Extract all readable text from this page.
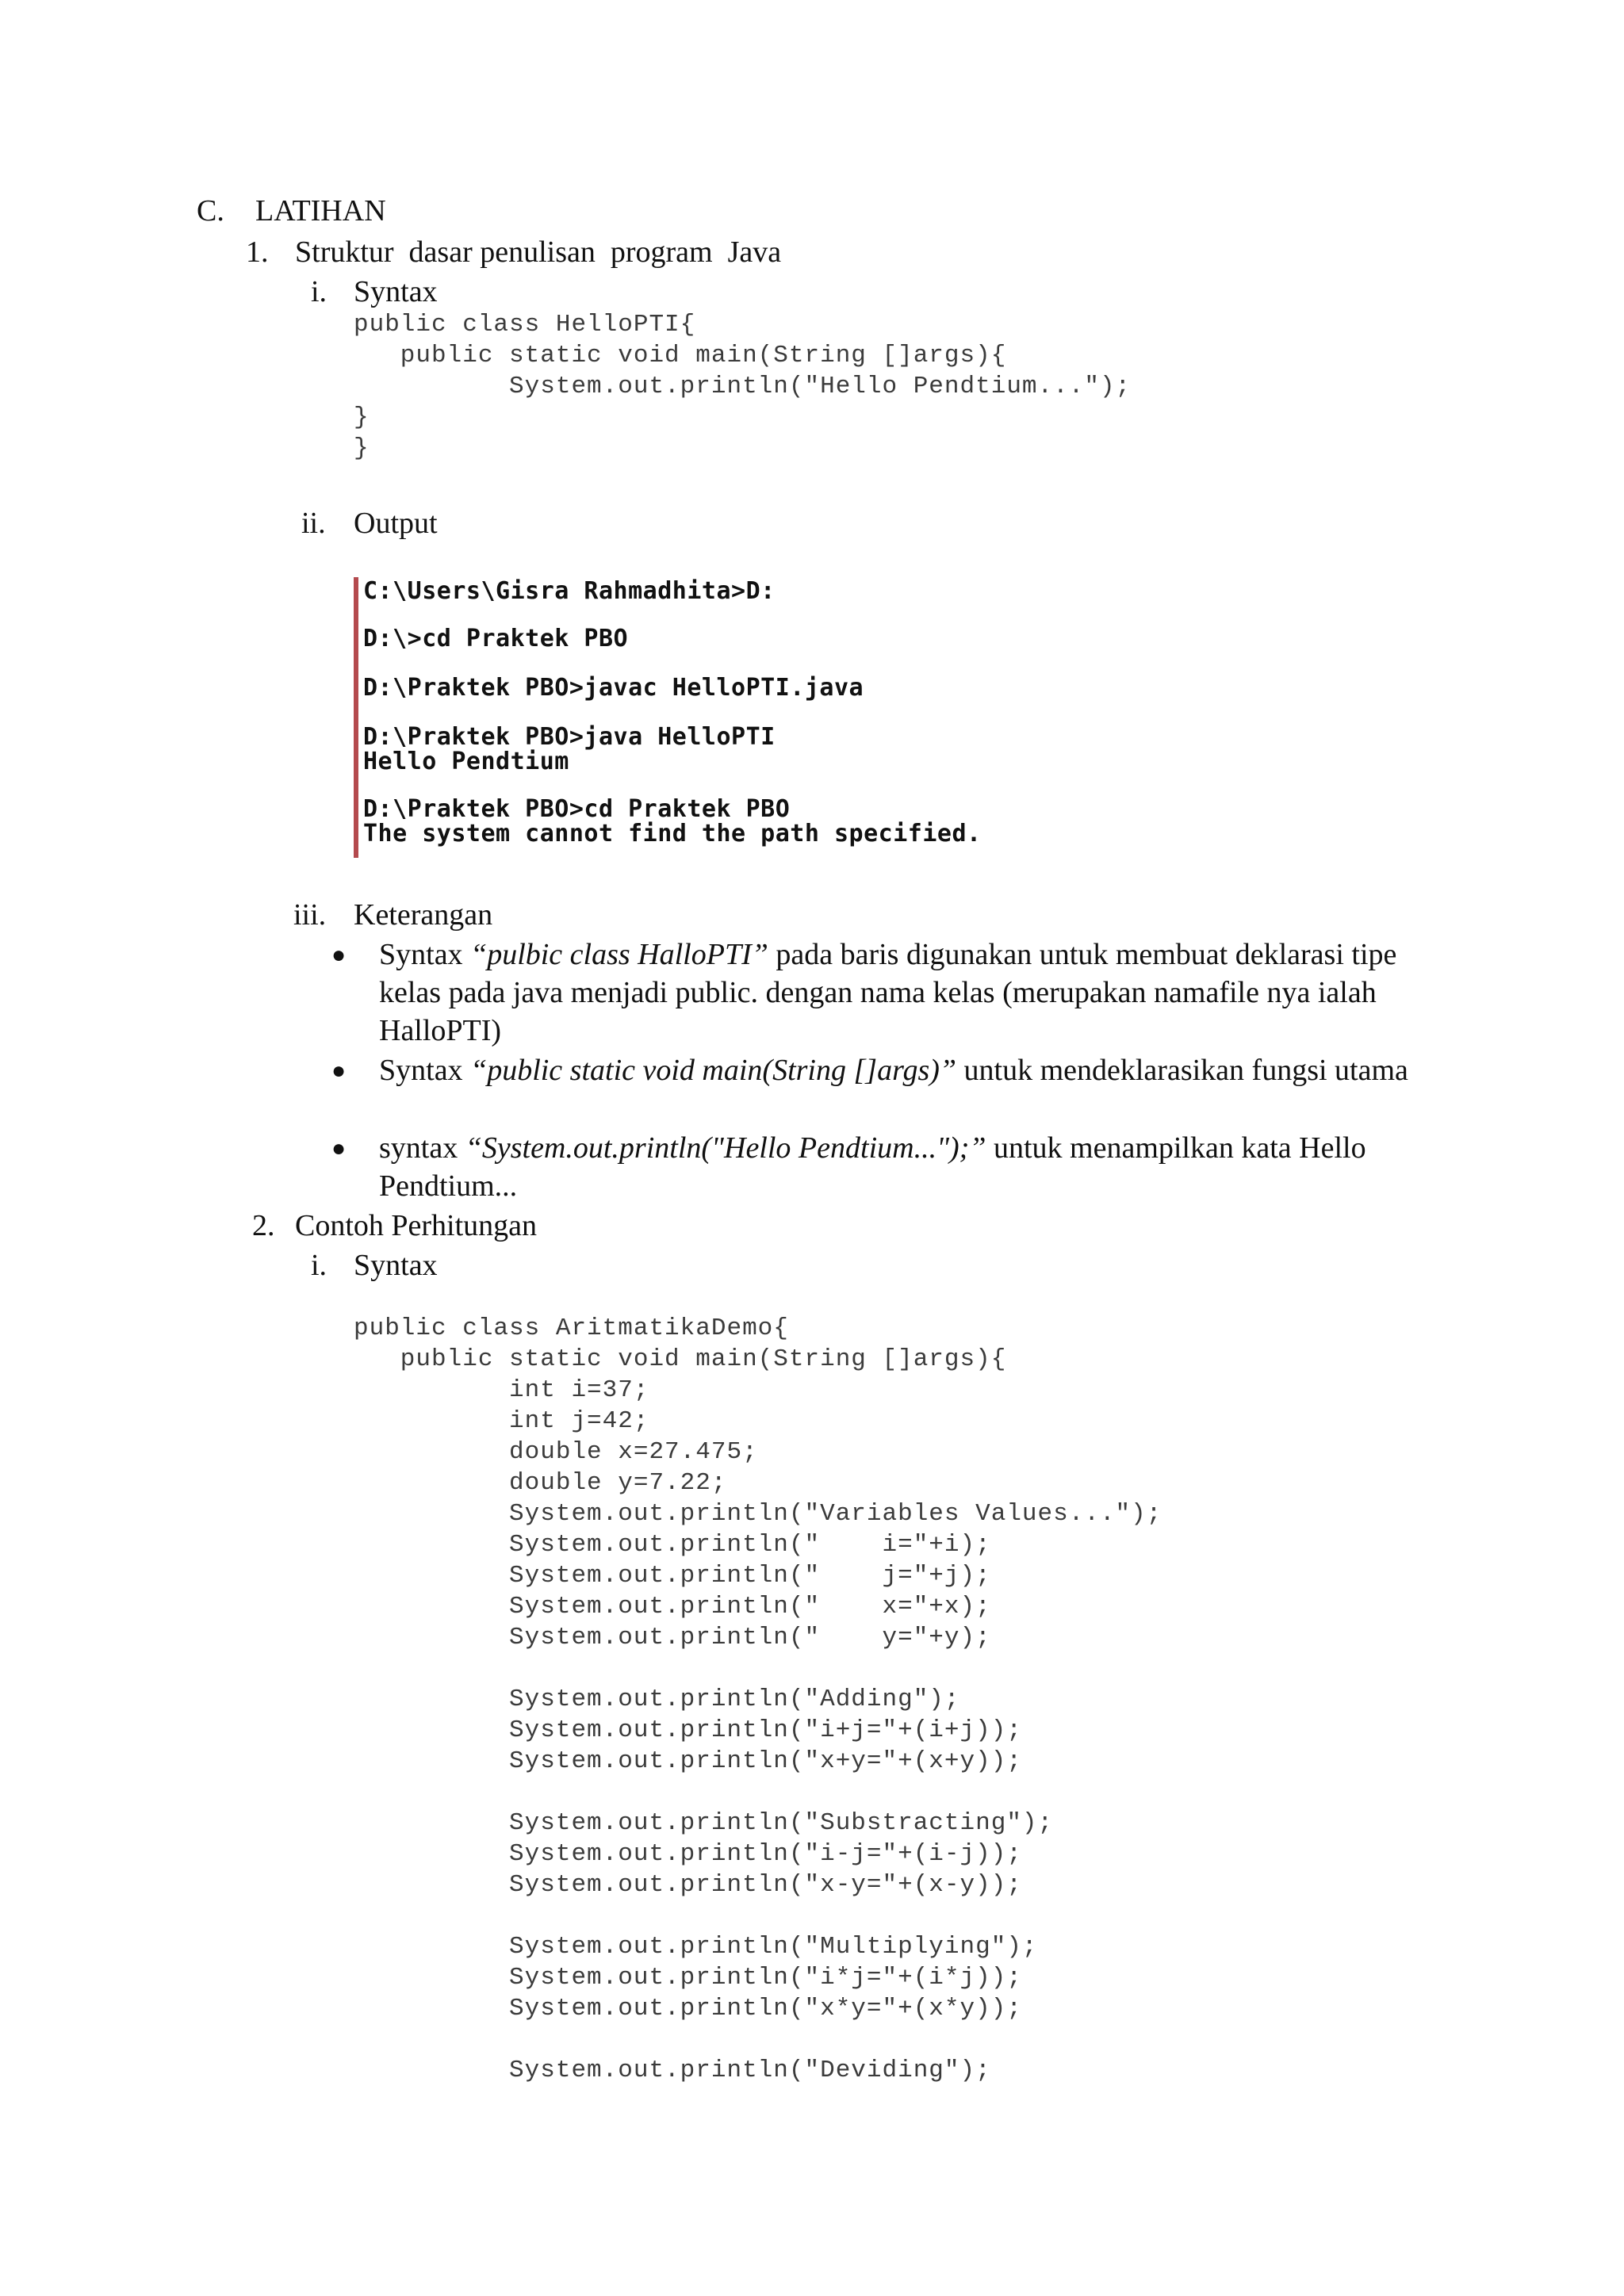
C. LATIHAN
1. Struktur  dasar penulisan  program  Java
i. Syntax
public class HelloPTI{
public static void main(String []args){
System.out.println("Hello Pendtium...");
}
}
ii. Output
C:\Users\Gisra Rahmadhita>D:
D:\>cd Praktek PBO
D:\Praktek PBO>javac HelloPTI.java
D:\Praktek PBO>java HelloPTI
Hello Pendtium
D:\Praktek PBO>cd Praktek PBO
The system cannot find the path specified.
iii. Keterangan
● Syntax “pulbic class HalloPTI” pada baris digunakan untuk membuat deklarasi tipe kelas pada java menjadi public. dengan nama kelas (merupakan namafile nya ialah HalloPTI)
● Syntax “public static void main(String []args)” untuk mendeklarasikan fungsi utama
● syntax “System.out.println("Hello Pendtium...");” untuk menampilkan kata Hello Pendtium...
2. Contoh Perhitungan
i. Syntax
public class AritmatikaDemo{
public static void main(String []args){
int i=37;
int j=42;
double x=27.475;
double y=7.22;
System.out.println("Variables Values...");
System.out.println("    i="+i);
System.out.println("    j="+j);
System.out.println("    x="+x);
System.out.println("    y="+y);
System.out.println("Adding");
System.out.println("i+j="+(i+j));
System.out.println("x+y="+(x+y));
System.out.println("Substracting");
System.out.println("i-j="+(i-j));
System.out.println("x-y="+(x-y));
System.out.println("Multiplying");
System.out.println("i*j="+(i*j));
System.out.println("x*y="+(x*y));
System.out.println("Deviding");
